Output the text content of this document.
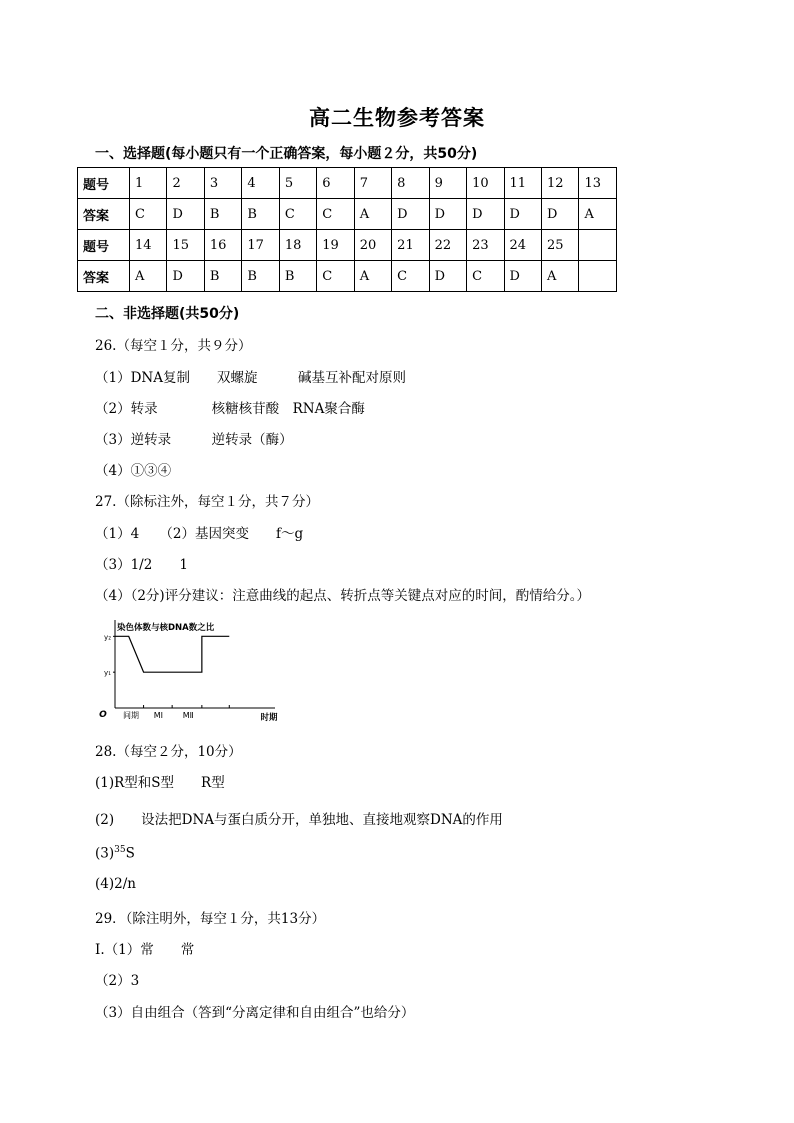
高二生物参考答案
一、选择题(每小题只有一个正确答案，每小题２分，共50分)
题号	1	2	3	4	5	6	7	8	9	10	11	12	13
答案	C	D	B	B	C	C	A	D	D	D	D	D	A
题号	14	15	16	17	18	19	20	21	22	23	24	25	
答案	A	D	B	B	B	C	A	C	D	C	D	A	
二、非选择题(共50分)
26.（每空１分，共９分）
（1）DNA复制　　双螺旋　　　碱基互补配对原则
（2）转录　　　　核糖核苷酸　RNA聚合酶
（3）逆转录　　　逆转录（酶）
（4）①③④
27.（除标注外，每空１分，共７分）
（1）4　　（2）基因突变　　f～g
（3）1/2　　1
（4）（2分)评分建议：注意曲线的起点、转折点等关键点对应的时间，酌情给分。）
染色体数与核DNA数之比
时期
O
y₂
y₁
间期 MⅠ MⅡ
28.（每空２分，10分）
(1)R型和S型　　R型
(2)　　设法把DNA与蛋白质分开，单独地、直接地观察DNA的作用
$(3)^{35}S$
(4)2/n
29．（除注明外，每空１分，共13分）
Ⅰ.（1）常　　常
（2）3
（3）自由组合（答到“分离定律和自由组合”也给分）
